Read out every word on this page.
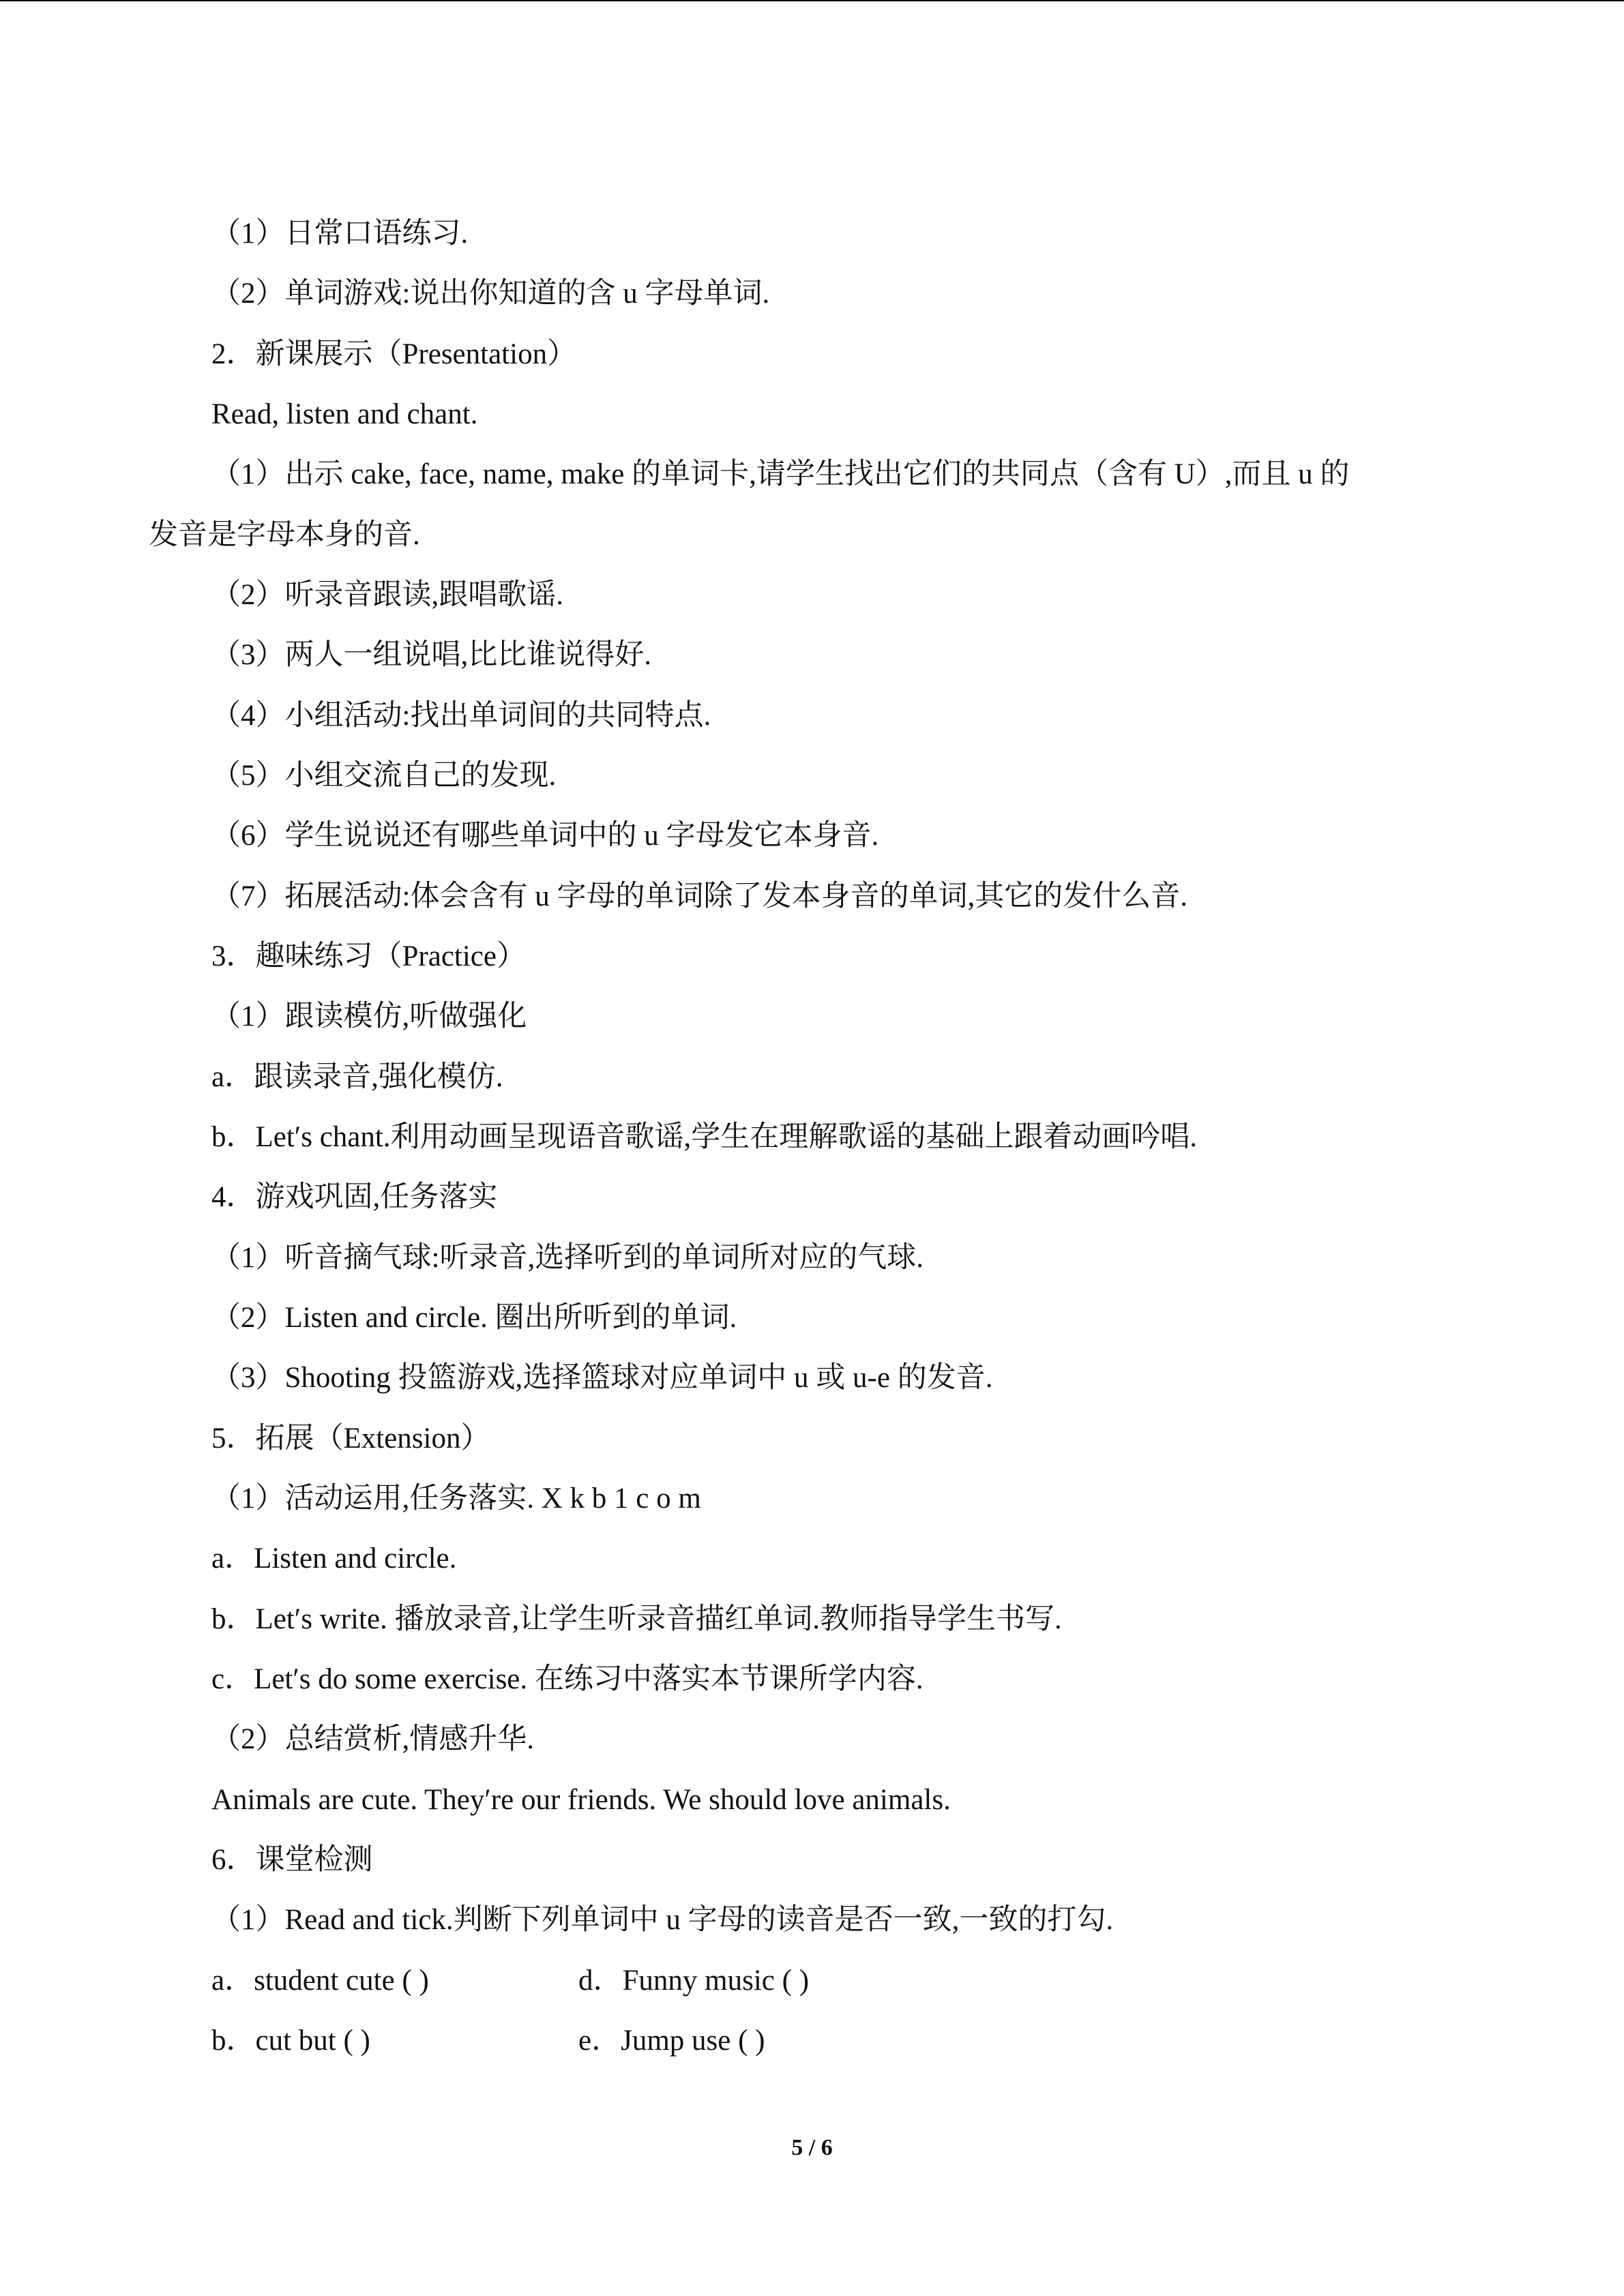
（1）日常口语练习.
（2）单词游戏:说出你知道的含 u 字母单词.
2．新课展示（Presentation）
Read, listen and chant.
（1）出示 cake, face, name, make 的单词卡,请学生找出它们的共同点（含有 U）,而且 u 的
发音是字母本身的音.
（2）听录音跟读,跟唱歌谣.
（3）两人一组说唱,比比谁说得好.
（4）小组活动:找出单词间的共同特点.
（5）小组交流自己的发现.
（6）学生说说还有哪些单词中的 u 字母发它本身音.
（7）拓展活动:体会含有 u 字母的单词除了发本身音的单词,其它的发什么音.
3．趣味练习（Practice）
（1）跟读模仿,听做强化
a．跟读录音,强化模仿.
b．Let′s chant.利用动画呈现语音歌谣,学生在理解歌谣的基础上跟着动画吟唱.
4．游戏巩固,任务落实
（1）听音摘气球:听录音,选择听到的单词所对应的气球.
（2）Listen and circle. 圈出所听到的单词.
（3）Shooting 投篮游戏,选择篮球对应单词中 u 或 u-e 的发音.
5．拓展（Extension）
（1）活动运用,任务落实. X k b 1 c o m
a．Listen and circle.
b．Let′s write. 播放录音,让学生听录音描红单词.教师指导学生书写.
c．Let′s do some exercise. 在练习中落实本节课所学内容.
（2）总结赏析,情感升华.
Animals are cute. They′re our friends. We should love animals.
6．课堂检测
（1）Read and tick.判断下列单词中 u 字母的读音是否一致,一致的打勾.
a．student cute ( )	d．Funny music ( )
b．cut but ( )	e．Jump use ( )
5 / 6
